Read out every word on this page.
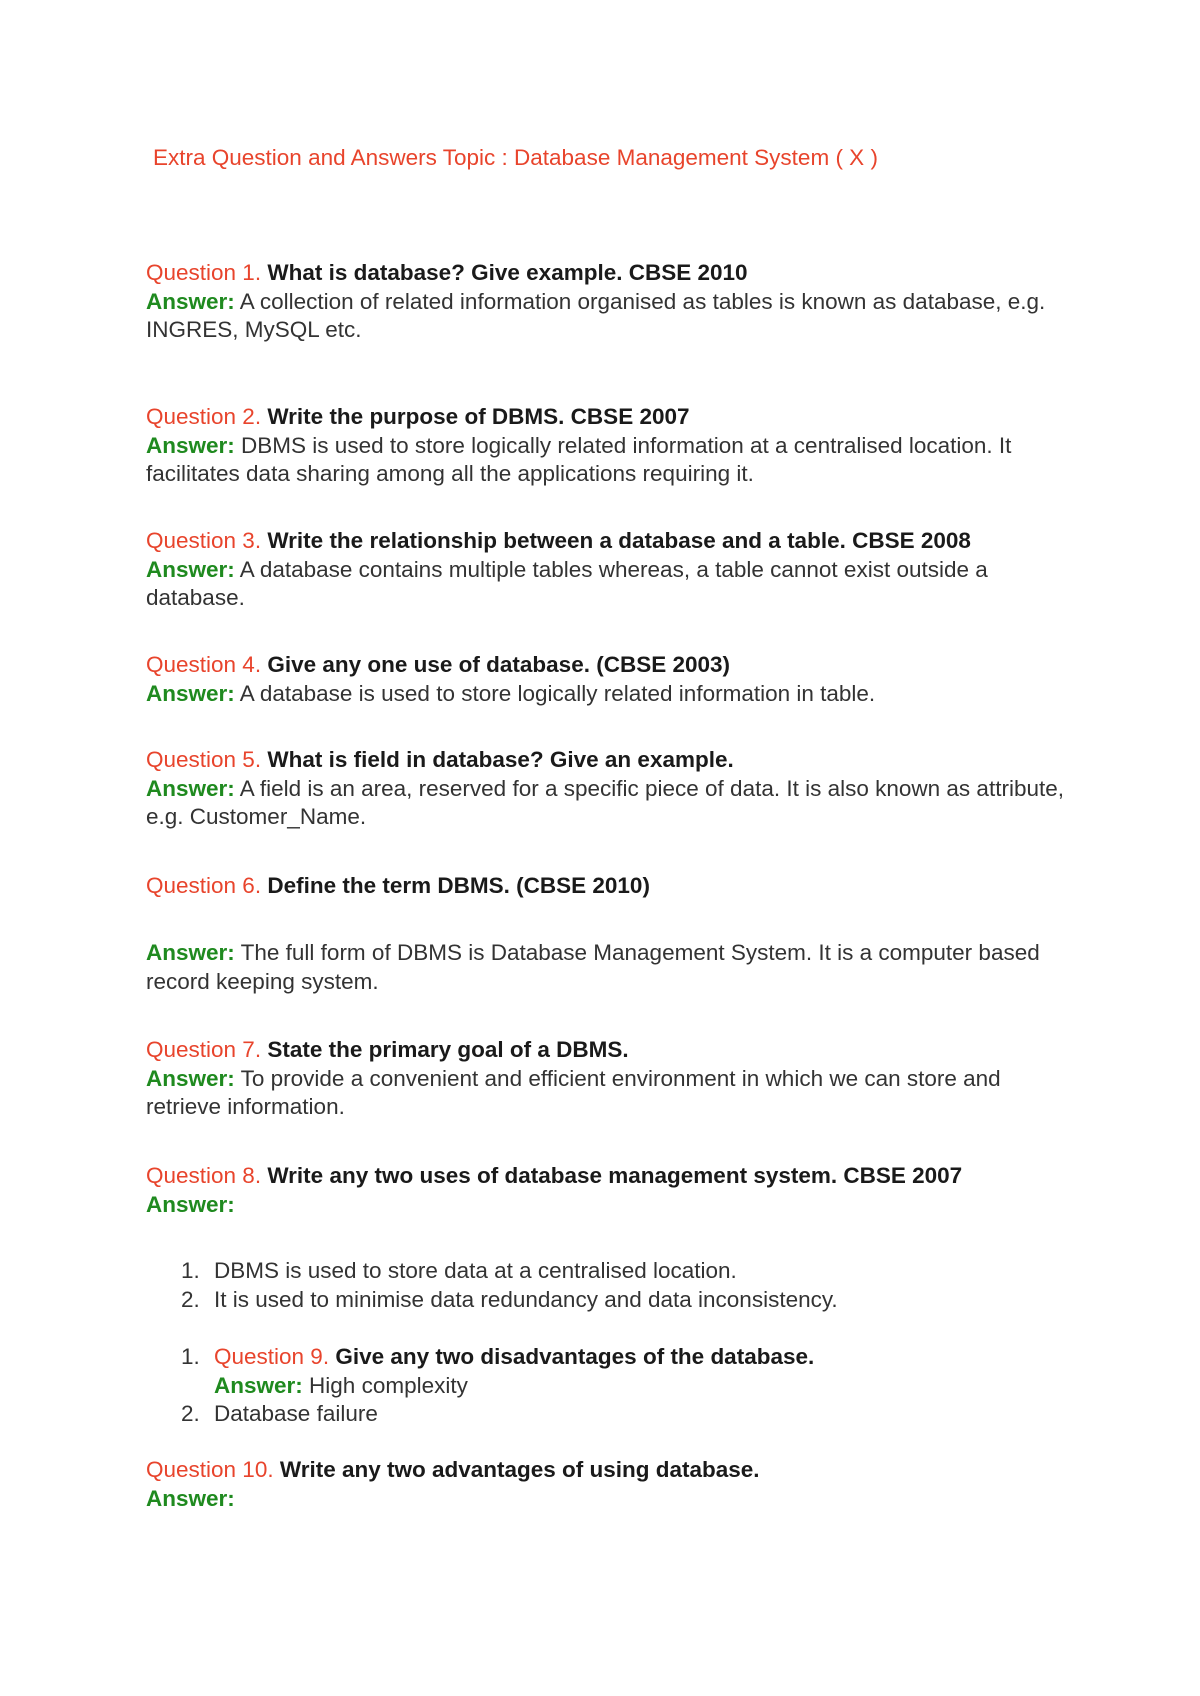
Extra Question and Answers Topic : Database Management System ( X )
Question 1. What is database? Give example. CBSE 2010
Answer: A collection of related information organised as tables is known as database, e.g. INGRES, MySQL etc.
Question 2. Write the purpose of DBMS. CBSE 2007
Answer: DBMS is used to store logically related information at a centralised location. It facilitates data sharing among all the applications requiring it.
Question 3. Write the relationship between a database and a table. CBSE 2008
Answer: A database contains multiple tables whereas, a table cannot exist outside a database.
Question 4. Give any one use of database. (CBSE 2003)
Answer: A database is used to store logically related information in table.
Question 5. What is field in database? Give an example.
Answer: A field is an area, reserved for a specific piece of data. It is also known as attribute, e.g. Customer_Name.
Question 6. Define the term DBMS. (CBSE 2010)
Answer: The full form of DBMS is Database Management System. It is a computer based record keeping system.
Question 7. State the primary goal of a DBMS.
Answer: To provide a convenient and efficient environment in which we can store and retrieve information.
Question 8. Write any two uses of database management system. CBSE 2007
Answer:
1. DBMS is used to store data at a centralised location.
2. It is used to minimise data redundancy and data inconsistency.
1. Question 9. Give any two disadvantages of the database.
Answer: High complexity
2. Database failure
Question 10. Write any two advantages of using database.
Answer:
